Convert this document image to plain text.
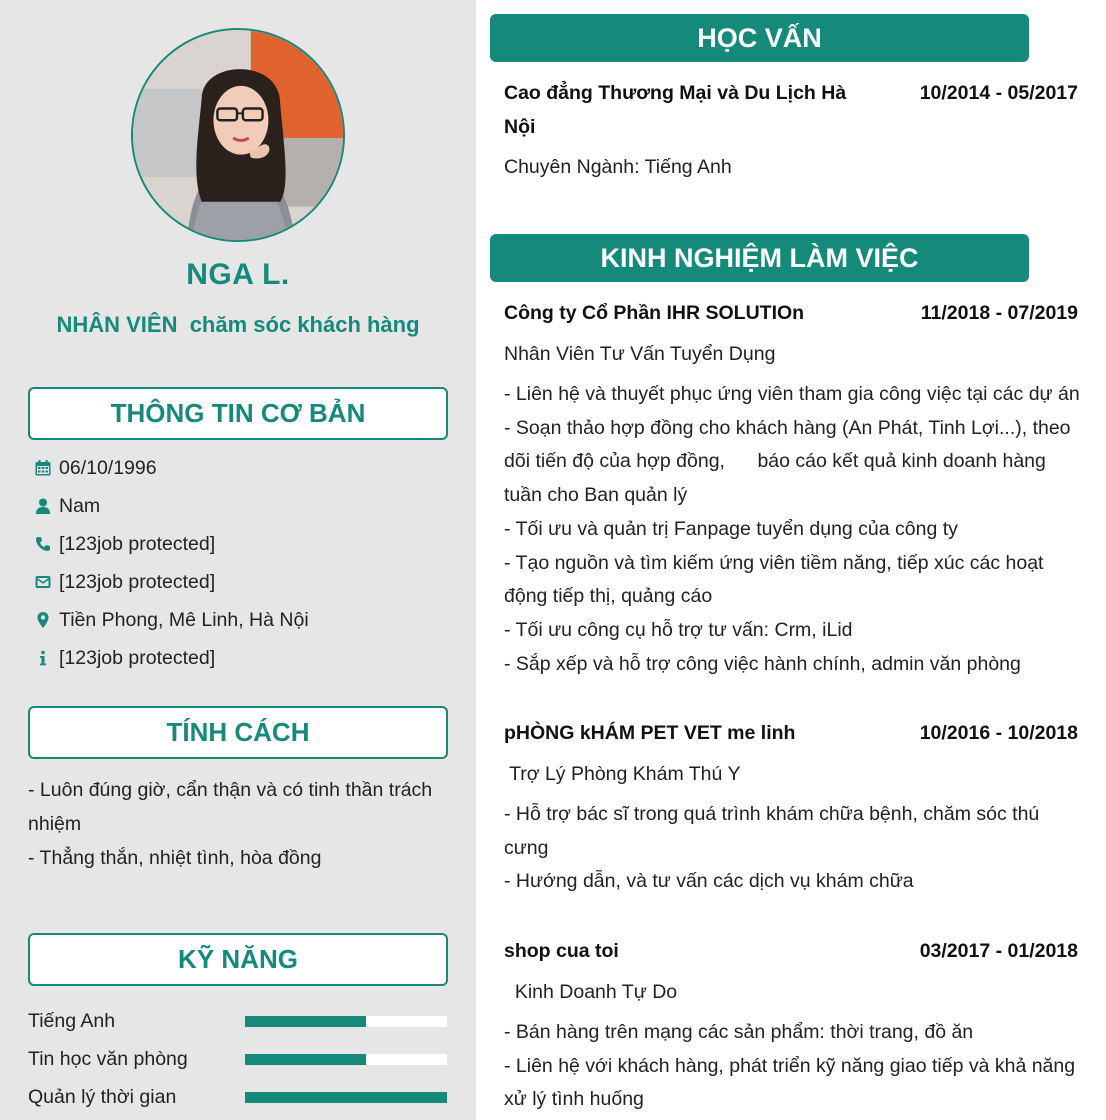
NGA L.
NHÂN VIÊN  chăm sóc khách hàng
THÔNG TIN CƠ BẢN
06/10/1996
Nam
[123job protected]
[123job protected]
Tiền Phong, Mê Linh, Hà Nội
[123job protected]
TÍNH CÁCH
- Luôn đúng giờ, cẩn thận và có tinh thần trách
nhiệm
- Thẳng thắn, nhiệt tình, hòa đồng
KỸ NĂNG
Tiếng Anh
Tin học văn phòng
Quản lý thời gian
HỌC VẤN
Cao đẳng Thương Mại và Du Lịch Hà
Nội
10/2014 - 05/2017
Chuyên Ngành: Tiếng Anh
KINH NGHIỆM LÀM VIỆC
Công ty Cổ Phần IHR SOLUTIOn	11/2018 - 07/2019
Nhân Viên Tư Vấn Tuyển Dụng
- Liên hệ và thuyết phục ứng viên tham gia công việc tại các dự án
- Soạn thảo hợp đồng cho khách hàng (An Phát, Tinh Lợi...), theo
dõi tiến độ của hợp đồng,      báo cáo kết quả kinh doanh hàng
tuần cho Ban quản lý
- Tối ưu và quản trị Fanpage tuyển dụng của công ty
- Tạo nguồn và tìm kiếm ứng viên tiềm năng, tiếp xúc các hoạt
động tiếp thị, quảng cáo
- Tối ưu công cụ hỗ trợ tư vấn: Crm, iLid
- Sắp xếp và hỗ trợ công việc hành chính, admin văn phòng
pHÒNG kHÁM PET VET me linh	10/2016 - 10/2018
Trợ Lý Phòng Khám Thú Y
- Hỗ trợ bác sĩ trong quá trình khám chữa bệnh, chăm sóc thú
cưng
- Hướng dẫn, và tư vấn các dịch vụ khám chữa
shop cua toi	03/2017 - 01/2018
Kinh Doanh Tự Do
- Bán hàng trên mạng các sản phẩm: thời trang, đồ ăn
- Liên hệ với khách hàng, phát triển kỹ năng giao tiếp và khả năng
xử lý tình huống
